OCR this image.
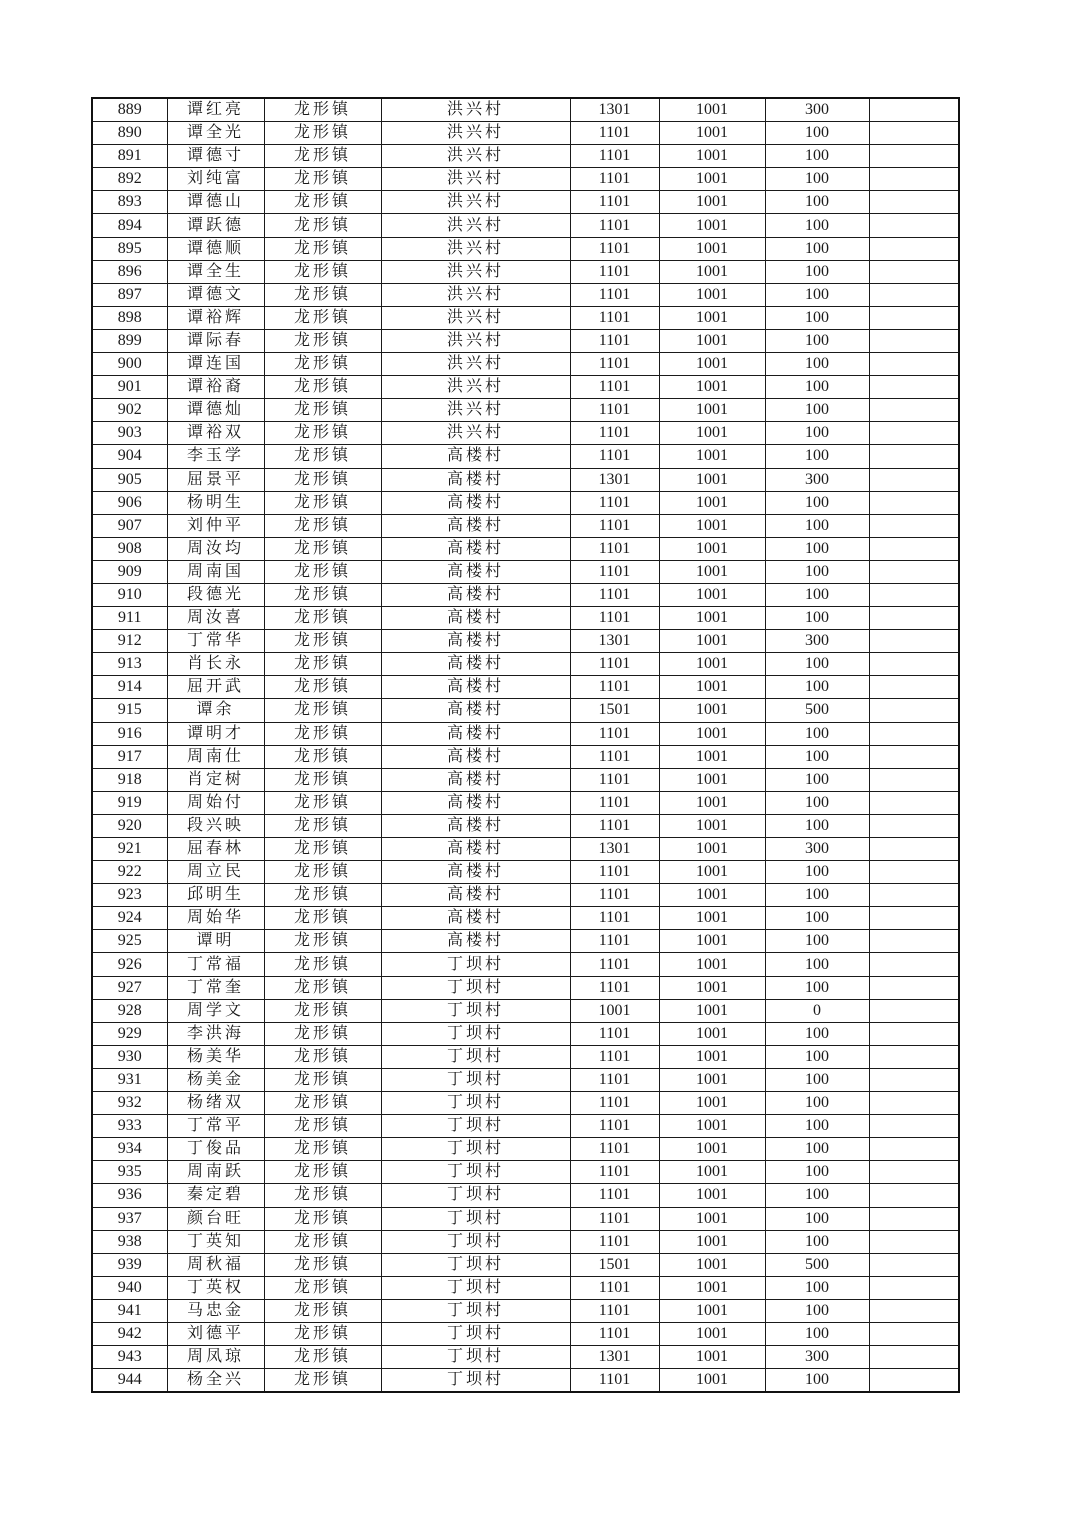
889	谭红亮	龙形镇	洪兴村	1301	1001	300	
890	谭全光	龙形镇	洪兴村	1101	1001	100	
891	谭德寸	龙形镇	洪兴村	1101	1001	100	
892	刘纯富	龙形镇	洪兴村	1101	1001	100	
893	谭德山	龙形镇	洪兴村	1101	1001	100	
894	谭跃德	龙形镇	洪兴村	1101	1001	100	
895	谭德顺	龙形镇	洪兴村	1101	1001	100	
896	谭全生	龙形镇	洪兴村	1101	1001	100	
897	谭德文	龙形镇	洪兴村	1101	1001	100	
898	谭裕辉	龙形镇	洪兴村	1101	1001	100	
899	谭际春	龙形镇	洪兴村	1101	1001	100	
900	谭连国	龙形镇	洪兴村	1101	1001	100	
901	谭裕裔	龙形镇	洪兴村	1101	1001	100	
902	谭德灿	龙形镇	洪兴村	1101	1001	100	
903	谭裕双	龙形镇	洪兴村	1101	1001	100	
904	李玉学	龙形镇	高楼村	1101	1001	100	
905	屈景平	龙形镇	高楼村	1301	1001	300	
906	杨明生	龙形镇	高楼村	1101	1001	100	
907	刘仲平	龙形镇	高楼村	1101	1001	100	
908	周汝均	龙形镇	高楼村	1101	1001	100	
909	周南国	龙形镇	高楼村	1101	1001	100	
910	段德光	龙形镇	高楼村	1101	1001	100	
911	周汝喜	龙形镇	高楼村	1101	1001	100	
912	丁常华	龙形镇	高楼村	1301	1001	300	
913	肖长永	龙形镇	高楼村	1101	1001	100	
914	屈开武	龙形镇	高楼村	1101	1001	100	
915	谭余	龙形镇	高楼村	1501	1001	500	
916	谭明才	龙形镇	高楼村	1101	1001	100	
917	周南仕	龙形镇	高楼村	1101	1001	100	
918	肖定树	龙形镇	高楼村	1101	1001	100	
919	周始付	龙形镇	高楼村	1101	1001	100	
920	段兴映	龙形镇	高楼村	1101	1001	100	
921	屈春林	龙形镇	高楼村	1301	1001	300	
922	周立民	龙形镇	高楼村	1101	1001	100	
923	邱明生	龙形镇	高楼村	1101	1001	100	
924	周始华	龙形镇	高楼村	1101	1001	100	
925	谭明	龙形镇	高楼村	1101	1001	100	
926	丁常福	龙形镇	丁坝村	1101	1001	100	
927	丁常奎	龙形镇	丁坝村	1101	1001	100	
928	周学文	龙形镇	丁坝村	1001	1001	0	
929	李洪海	龙形镇	丁坝村	1101	1001	100	
930	杨美华	龙形镇	丁坝村	1101	1001	100	
931	杨美金	龙形镇	丁坝村	1101	1001	100	
932	杨绪双	龙形镇	丁坝村	1101	1001	100	
933	丁常平	龙形镇	丁坝村	1101	1001	100	
934	丁俊品	龙形镇	丁坝村	1101	1001	100	
935	周南跃	龙形镇	丁坝村	1101	1001	100	
936	秦定碧	龙形镇	丁坝村	1101	1001	100	
937	颜台旺	龙形镇	丁坝村	1101	1001	100	
938	丁英知	龙形镇	丁坝村	1101	1001	100	
939	周秋福	龙形镇	丁坝村	1501	1001	500	
940	丁英权	龙形镇	丁坝村	1101	1001	100	
941	马忠金	龙形镇	丁坝村	1101	1001	100	
942	刘德平	龙形镇	丁坝村	1101	1001	100	
943	周凤琼	龙形镇	丁坝村	1301	1001	300	
944	杨全兴	龙形镇	丁坝村	1101	1001	100	
